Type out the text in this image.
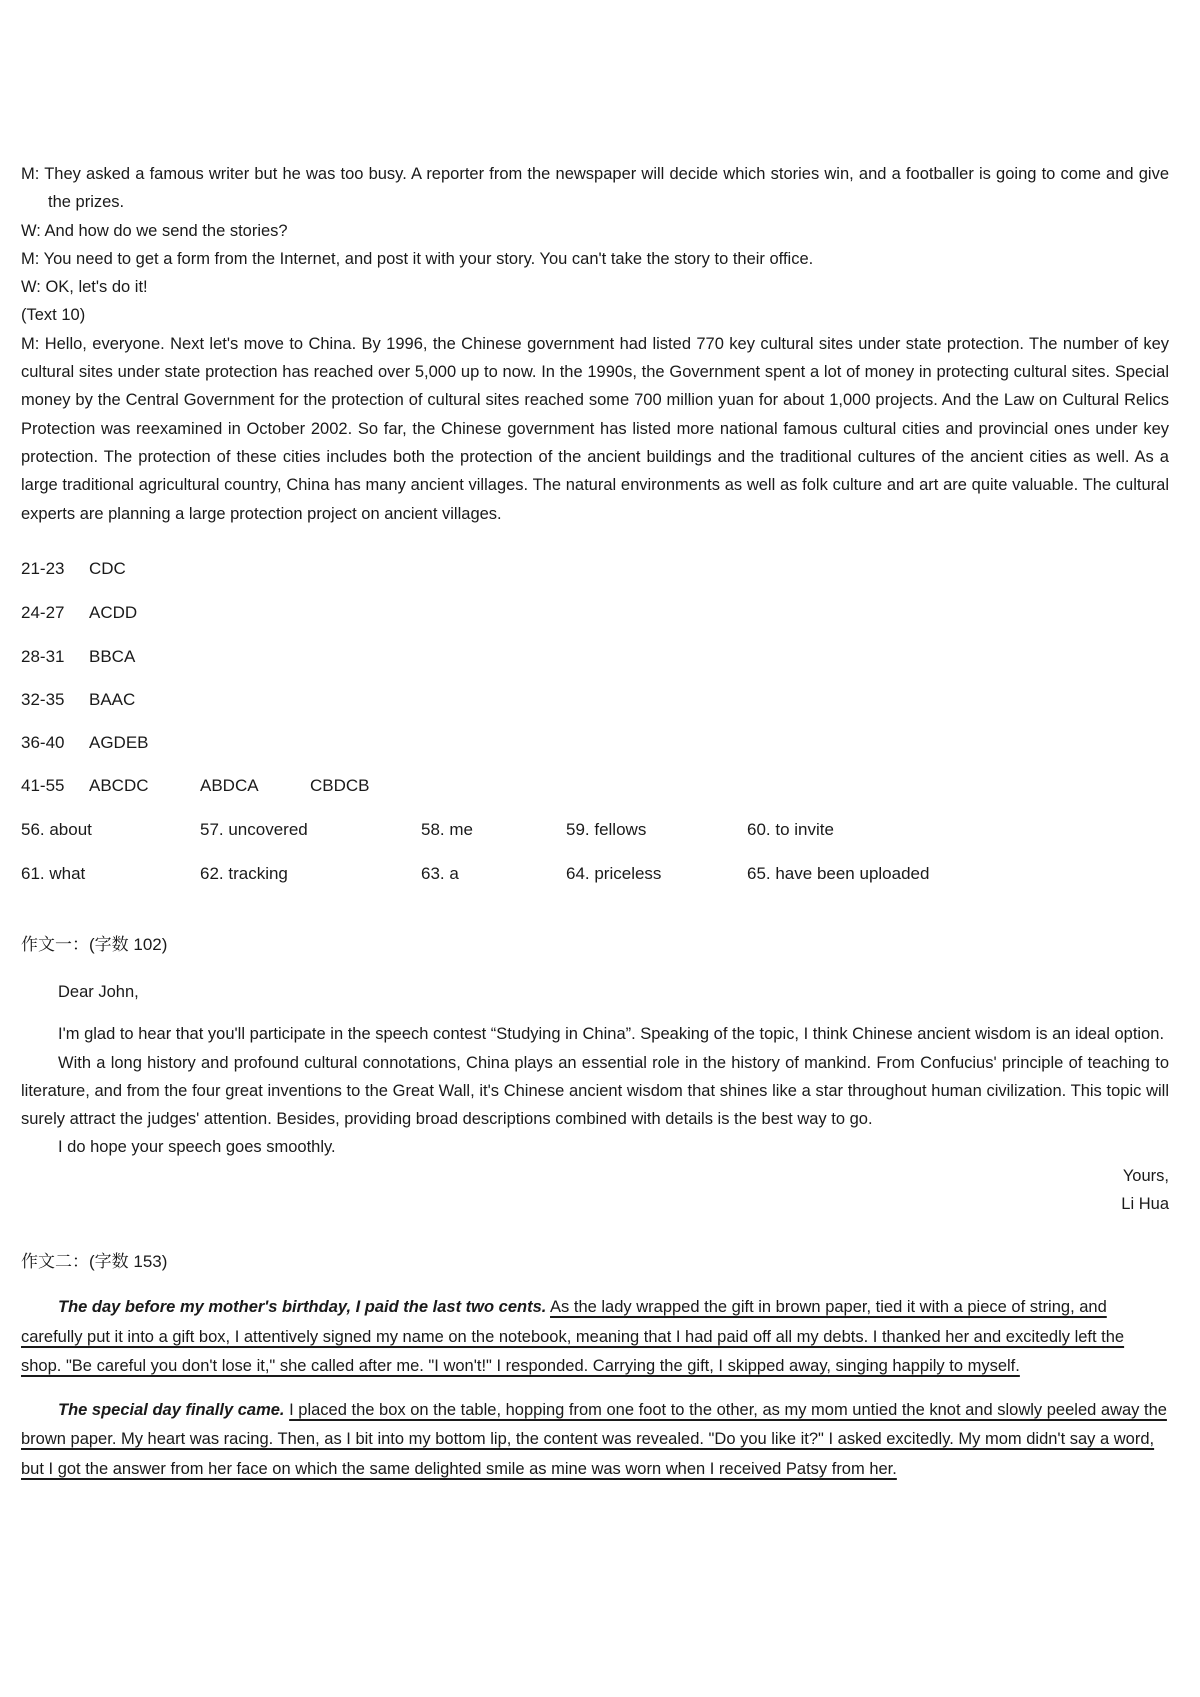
M: They asked a famous writer but he was too busy. A reporter from the newspaper will decide which stories win, and a footballer is going to come and give the prizes.

W: And how do we send the stories?

M: You need to get a form from the Internet, and post it with your story. You can't take the story to their office.

W: OK, let's do it!

(Text 10)

M: Hello, everyone. Next let's move to China. By 1996, the Chinese government had listed 770 key cultural sites under state protection. The number of key cultural sites under state protection has reached over 5,000 up to now. In the 1990s, the Government spent a lot of money in protecting cultural sites. Special money by the Central Government for the protection of cultural sites reached some 700 million yuan for about 1,000 projects. And the Law on Cultural Relics Protection was reexamined in October 2002. So far, the Chinese government has listed more national famous cultural cities and provincial ones under key protection. The protection of these cities includes both the protection of the ancient buildings and the traditional cultures of the ancient cities as well. As a large traditional agricultural country, China has many ancient villages. The natural environments as well as folk culture and art are quite valuable. The cultural experts are planning a large protection project on ancient villages.

21-23 CDC
24-27 ACDD
28-31 BBCA
32-35 BAAC
36-40 AGDEB
41-55 ABCDC	ABDCA	CBDCB
56. about	57. uncovered	58. me	59. fellows	60. to invite
61. what	62. tracking	63. a	64. priceless	65. have been uploaded
作文一：(字数 102)

Dear John,

I'm glad to hear that you'll participate in the speech contest “Studying in China”. Speaking of the topic, I think Chinese ancient wisdom is an ideal option.

With a long history and profound cultural connotations, China plays an essential role in the history of mankind. From Confucius' principle of teaching to literature, and from the four great inventions to the Great Wall, it's Chinese ancient wisdom that shines like a star throughout human civilization. This topic will surely attract the judges' attention. Besides, providing broad descriptions combined with details is the best way to go.

I do hope your speech goes smoothly.

Yours,

Li Hua

作文二：(字数 153)

The day before my mother's birthday, I paid the last two cents. As the lady wrapped the gift in brown paper, tied it with a piece of string, and carefully put it into a gift box, I attentively signed my name on the notebook, meaning that I had paid off all my debts. I thanked her and excitedly left the shop. "Be careful you don't lose it," she called after me. "I won't!" I responded. Carrying the gift, I skipped away, singing happily to myself.

The special day finally came. I placed the box on the table, hopping from one foot to the other, as my mom untied the knot and slowly peeled away the brown paper. My heart was racing. Then, as I bit into my bottom lip, the content was revealed. "Do you like it?" I asked excitedly. My mom didn't say a word, but I got the answer from her face on which the same delighted smile as mine was worn when I received Patsy from her.
